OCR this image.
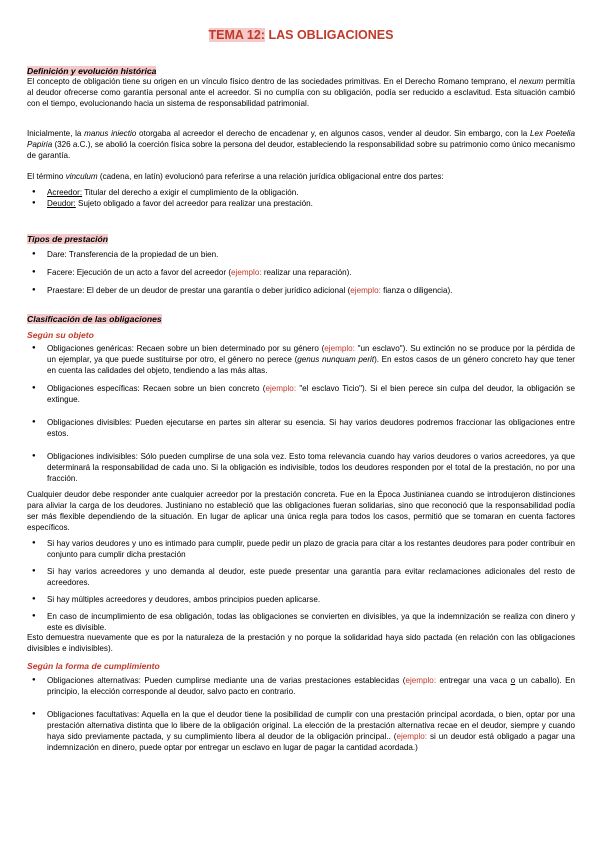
TEMA 12: LAS OBLIGACIONES
Definición y evolución histórica

El concepto de obligación tiene su origen en un vínculo físico dentro de las sociedades primitivas. En el Derecho Romano temprano, el nexum permitía al deudor ofrecerse como garantía personal ante el acreedor. Si no cumplía con su obligación, podía ser reducido a esclavitud. Esta situación cambió con el tiempo, evolucionando hacia un sistema de responsabilidad patrimonial.

Inicialmente, la manus iniectio otorgaba al acreedor el derecho de encadenar y, en algunos casos, vender al deudor. Sin embargo, con la Lex Poetelia Papiria (326 a.C.), se abolió la coerción física sobre la persona del deudor, estableciendo la responsabilidad sobre su patrimonio como único mecanismo de garantía.

El término vinculum (cadena, en latín) evolucionó para referirse a una relación jurídica obligacional entre dos partes:

● Acreedor: Titular del derecho a exigir el cumplimiento de la obligación.
● Deudor: Sujeto obligado a favor del acreedor para realizar una prestación.
Tipos de prestación
● Dare: Transferencia de la propiedad de un bien.
● Facere: Ejecución de un acto a favor del acreedor (ejemplo: realizar una reparación).
● Praestare: El deber de un deudor de prestar una garantía o deber jurídico adicional (ejemplo: fianza o diligencia).
Clasificación de las obligaciones
Según su objeto
● Obligaciones genéricas: Recaen sobre un bien determinado por su género (ejemplo: "un esclavo"). Su extinción no se produce por la pérdida de un ejemplar, ya que puede sustituirse por otro, el género no perece (genus nunquam perit). En estos casos de un género concreto hay que tener en cuenta las calidades del objeto, tendiendo a las más altas.
● Obligaciones específicas: Recaen sobre un bien concreto (ejemplo: "el esclavo Ticio"). Si el bien perece sin culpa del deudor, la obligación se extingue.
● Obligaciones divisibles: Pueden ejecutarse en partes sin alterar su esencia. Si hay varios deudores podremos fraccionar las obligaciones entre estos.
● Obligaciones indivisibles: Sólo pueden cumplirse de una sola vez. Esto toma relevancia cuando hay varios deudores o varios acreedores, ya que determinará la responsabilidad de cada uno. Si la obligación es indivisible, todos los deudores responden por el total de la prestación, no por una fracción.

Cualquier deudor debe responder ante cualquier acreedor por la prestación concreta. Fue en la Época Justinianea cuando se introdujeron distinciones para aliviar la carga de los deudores. Justiniano no estableció que las obligaciones fueran solidarias, sino que reconoció que la responsabilidad podía ser más flexible dependiendo de la situación. En lugar de aplicar una única regla para todos los casos, permitió que se tomaran en cuenta factores específicos.

● Si hay varios deudores y uno es intimado para cumplir, puede pedir un plazo de gracia para citar a los restantes deudores para poder contribuir en conjunto para cumplir dicha prestación
● Si hay varios acreedores y uno demanda al deudor, este puede presentar una garantía para evitar reclamaciones adicionales del resto de acreedores.
● Si hay múltiples acreedores y deudores, ambos principios pueden aplicarse.
● En caso de incumplimiento de esa obligación, todas las obligaciones se convierten en divisibles, ya que la indemnización se realiza con dinero y este es divisible.

Esto demuestra nuevamente que es por la naturaleza de la prestación y no porque la solidaridad haya sido pactada (en relación con las obligaciones divisibles e indivisibles).

Según la forma de cumplimiento
● Obligaciones alternativas: Pueden cumplirse mediante una de varias prestaciones establecidas (ejemplo: entregar una vaca o un caballo). En principio, la elección corresponde al deudor, salvo pacto en contrario.
● Obligaciones facultativas: Aquella en la que el deudor tiene la posibilidad de cumplir con una prestación principal acordada, o bien, optar por una prestación alternativa distinta que lo libere de la obligación original. La elección de la prestación alternativa recae en el deudor, siempre y cuando haya sido previamente pactada, y su cumplimiento libera al deudor de la obligación principal.. (ejemplo: si un deudor está obligado a pagar una indemnización en dinero, puede optar por entregar un esclavo en lugar de pagar la cantidad acordada.)
